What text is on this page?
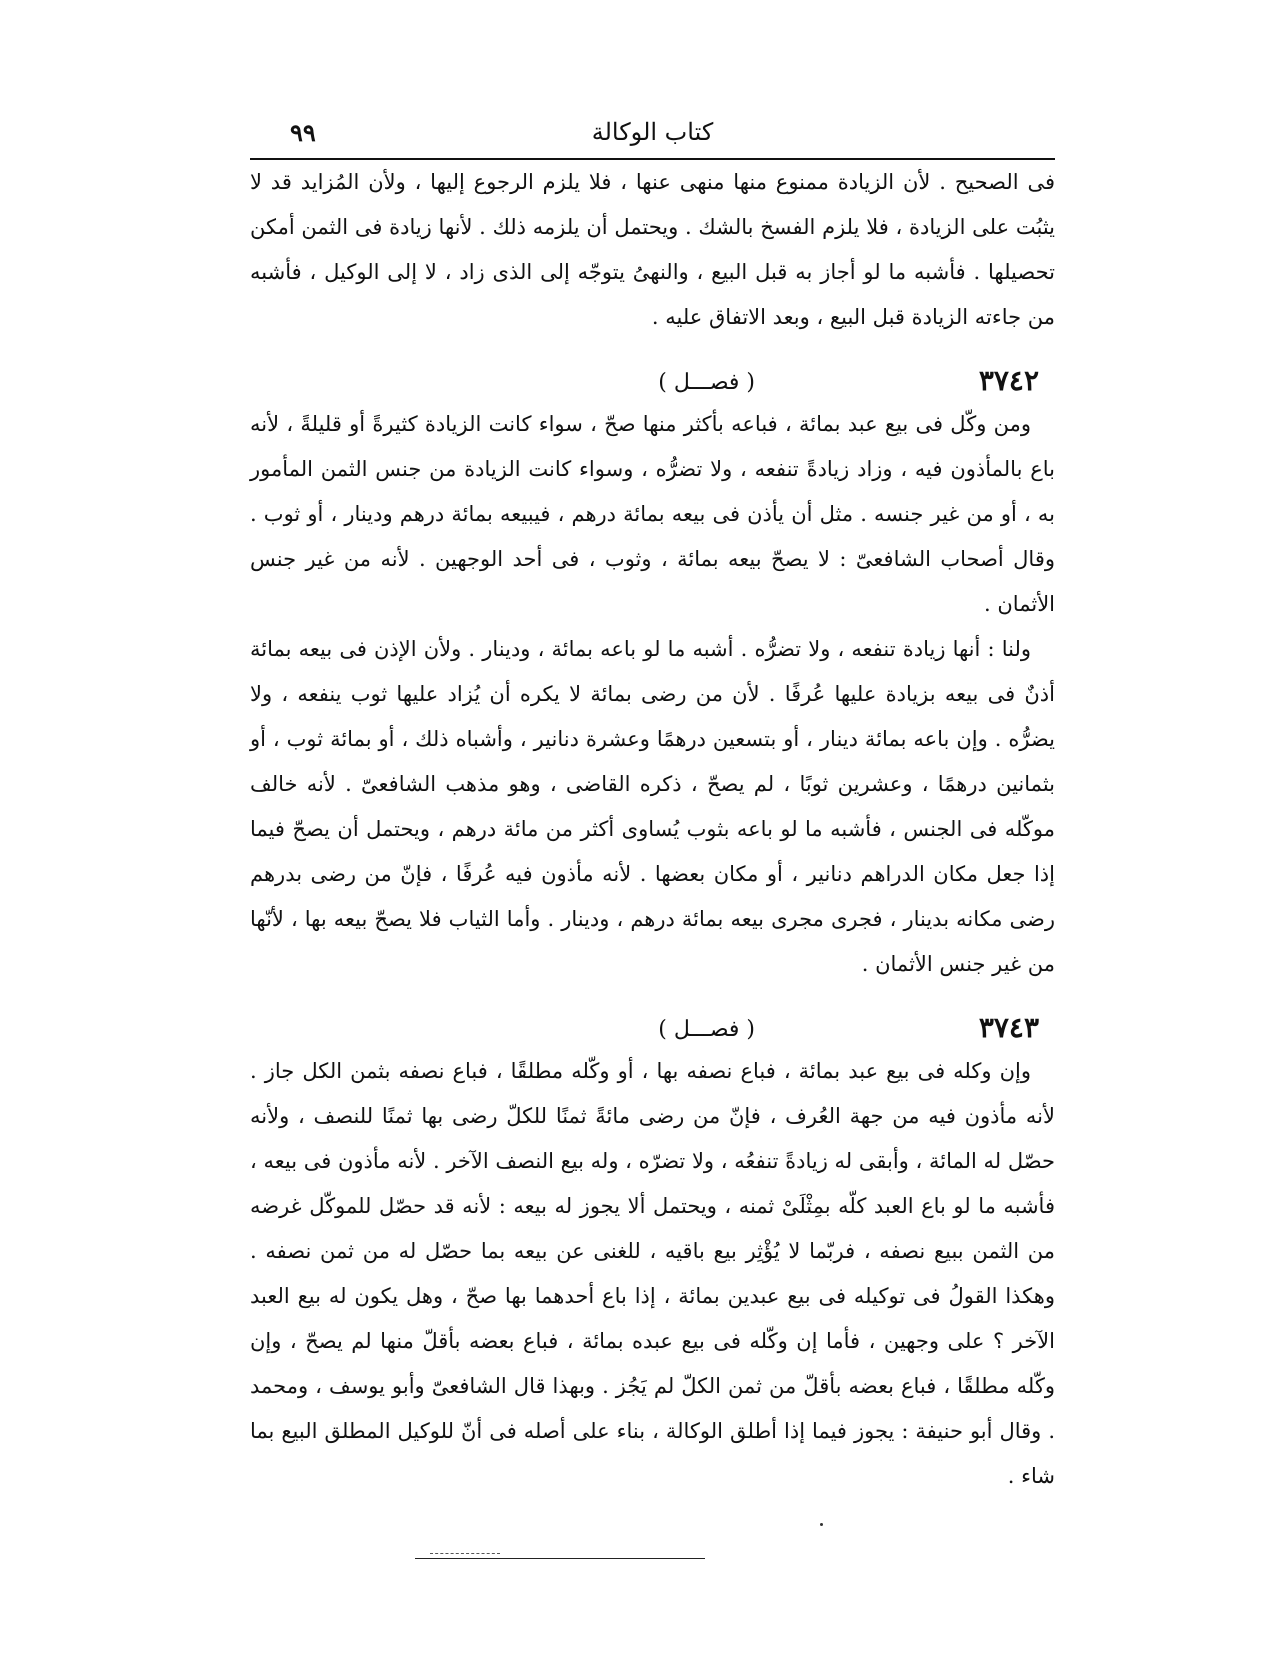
كتاب الوكالة
٩٩

فى الصحيح . لأن الزيادة ممنوع منها منهى عنها ، فلا يلزم الرجوع إليها ، ولأن المُزايد قد لا يثبُت على الزيادة ، فلا يلزم الفسخ بالشك . ويحتمل أن يلزمه ذلك . لأنها زيادة فى الثمن أمكن تحصيلها . فأشبه ما لو أجاز به قبل البيع ، والنهىُ يتوجّه إلى الذى زاد ، لا إلى الوكيل ، فأشبه من جاءته الزيادة قبل البيع ، وبعد الاتفاق عليه .

٣٧٤٢
( فصـــل )

ومن وكّل فى بيع عبد بمائة ، فباعه بأكثر منها صحّ ، سواء كانت الزيادة كثيرةً أو قليلةً ، لأنه باع بالمأذون فيه ، وزاد زيادةً تنفعه ، ولا تضرُّه ، وسواء كانت الزيادة من جنس الثمن المأمور به ، أو من غير جنسه . مثل أن يأذن فى بيعه بمائة درهم ، فيبيعه بمائة درهم ودينار ، أو ثوب . وقال أصحاب الشافعىّ : لا يصحّ بيعه بمائة ، وثوب ، فى أحد الوجهين . لأنه من غير جنس الأثمان .

ولنا : أنها زيادة تنفعه ، ولا تضرُّه . أشبه ما لو باعه بمائة ، ودينار . ولأن الإذن فى بيعه بمائة أذنٌ فى بيعه بزيادة عليها عُرفًا . لأن من رضى بمائة لا يكره أن يُزاد عليها ثوب ينفعه ، ولا يضرُّه . وإن باعه بمائة دينار ، أو بتسعين درهمًا وعشرة دنانير ، وأشباه ذلك ، أو بمائة ثوب ، أو بثمانين درهمًا ، وعشرين ثوبًا ، لم يصحّ ، ذكره القاضى ، وهو مذهب الشافعىّ . لأنه خالف موكّله فى الجنس ، فأشبه ما لو باعه بثوب يُساوى أكثر من مائة درهم ، ويحتمل أن يصحّ فيما إذا جعل مكان الدراهم دنانير ، أو مكان بعضها . لأنه مأذون فيه عُرفًا ، فإنّ من رضى بدرهم رضى مكانه بدينار ، فجرى مجرى بيعه بمائة درهم ، ودينار . وأما الثياب فلا يصحّ بيعه بها ، لأنّها من غير جنس الأثمان .

٣٧٤٣
( فصـــل )

وإن وكله فى بيع عبد بمائة ، فباع نصفه بها ، أو وكّله مطلقًا ، فباع نصفه بثمن الكل جاز . لأنه مأذون فيه من جهة العُرف ، فإنّ من رضى مائةً ثمنًا للكلّ رضى بها ثمنًا للنصف ، ولأنه حصّل له المائة ، وأبقى له زيادةً تنفعُه ، ولا تضرّه ، وله بيع النصف الآخر . لأنه مأذون فى بيعه ، فأشبه ما لو باع العبد كلّه بمِثْلَىْ ثمنه ، ويحتمل ألا يجوز له بيعه : لأنه قد حصّل للموكّل غرضه من الثمن ببيع نصفه ، فربّما لا يُؤْثِر بيع باقيه ، للغنى عن بيعه بما حصّل له من ثمن نصفه . وهكذا القولُ فى توكيله فى بيع عبدين بمائة ، إذا باع أحدهما بها صحّ ، وهل يكون له بيع العبد الآخر ؟ على وجهين ، فأما إن وكّله فى بيع عبده بمائة ، فباع بعضه بأقلّ منها لم يصحّ ، وإن وكّله مطلقًا ، فباع بعضه بأقلّ من ثمن الكلّ لم يَجُز . وبهذا قال الشافعىّ وأبو يوسف ، ومحمد . وقال أبو حنيفة : يجوز فيما إذا أطلق الوكالة ، بناء على أصله فى أنّ للوكيل المطلق البيع بما شاء .
